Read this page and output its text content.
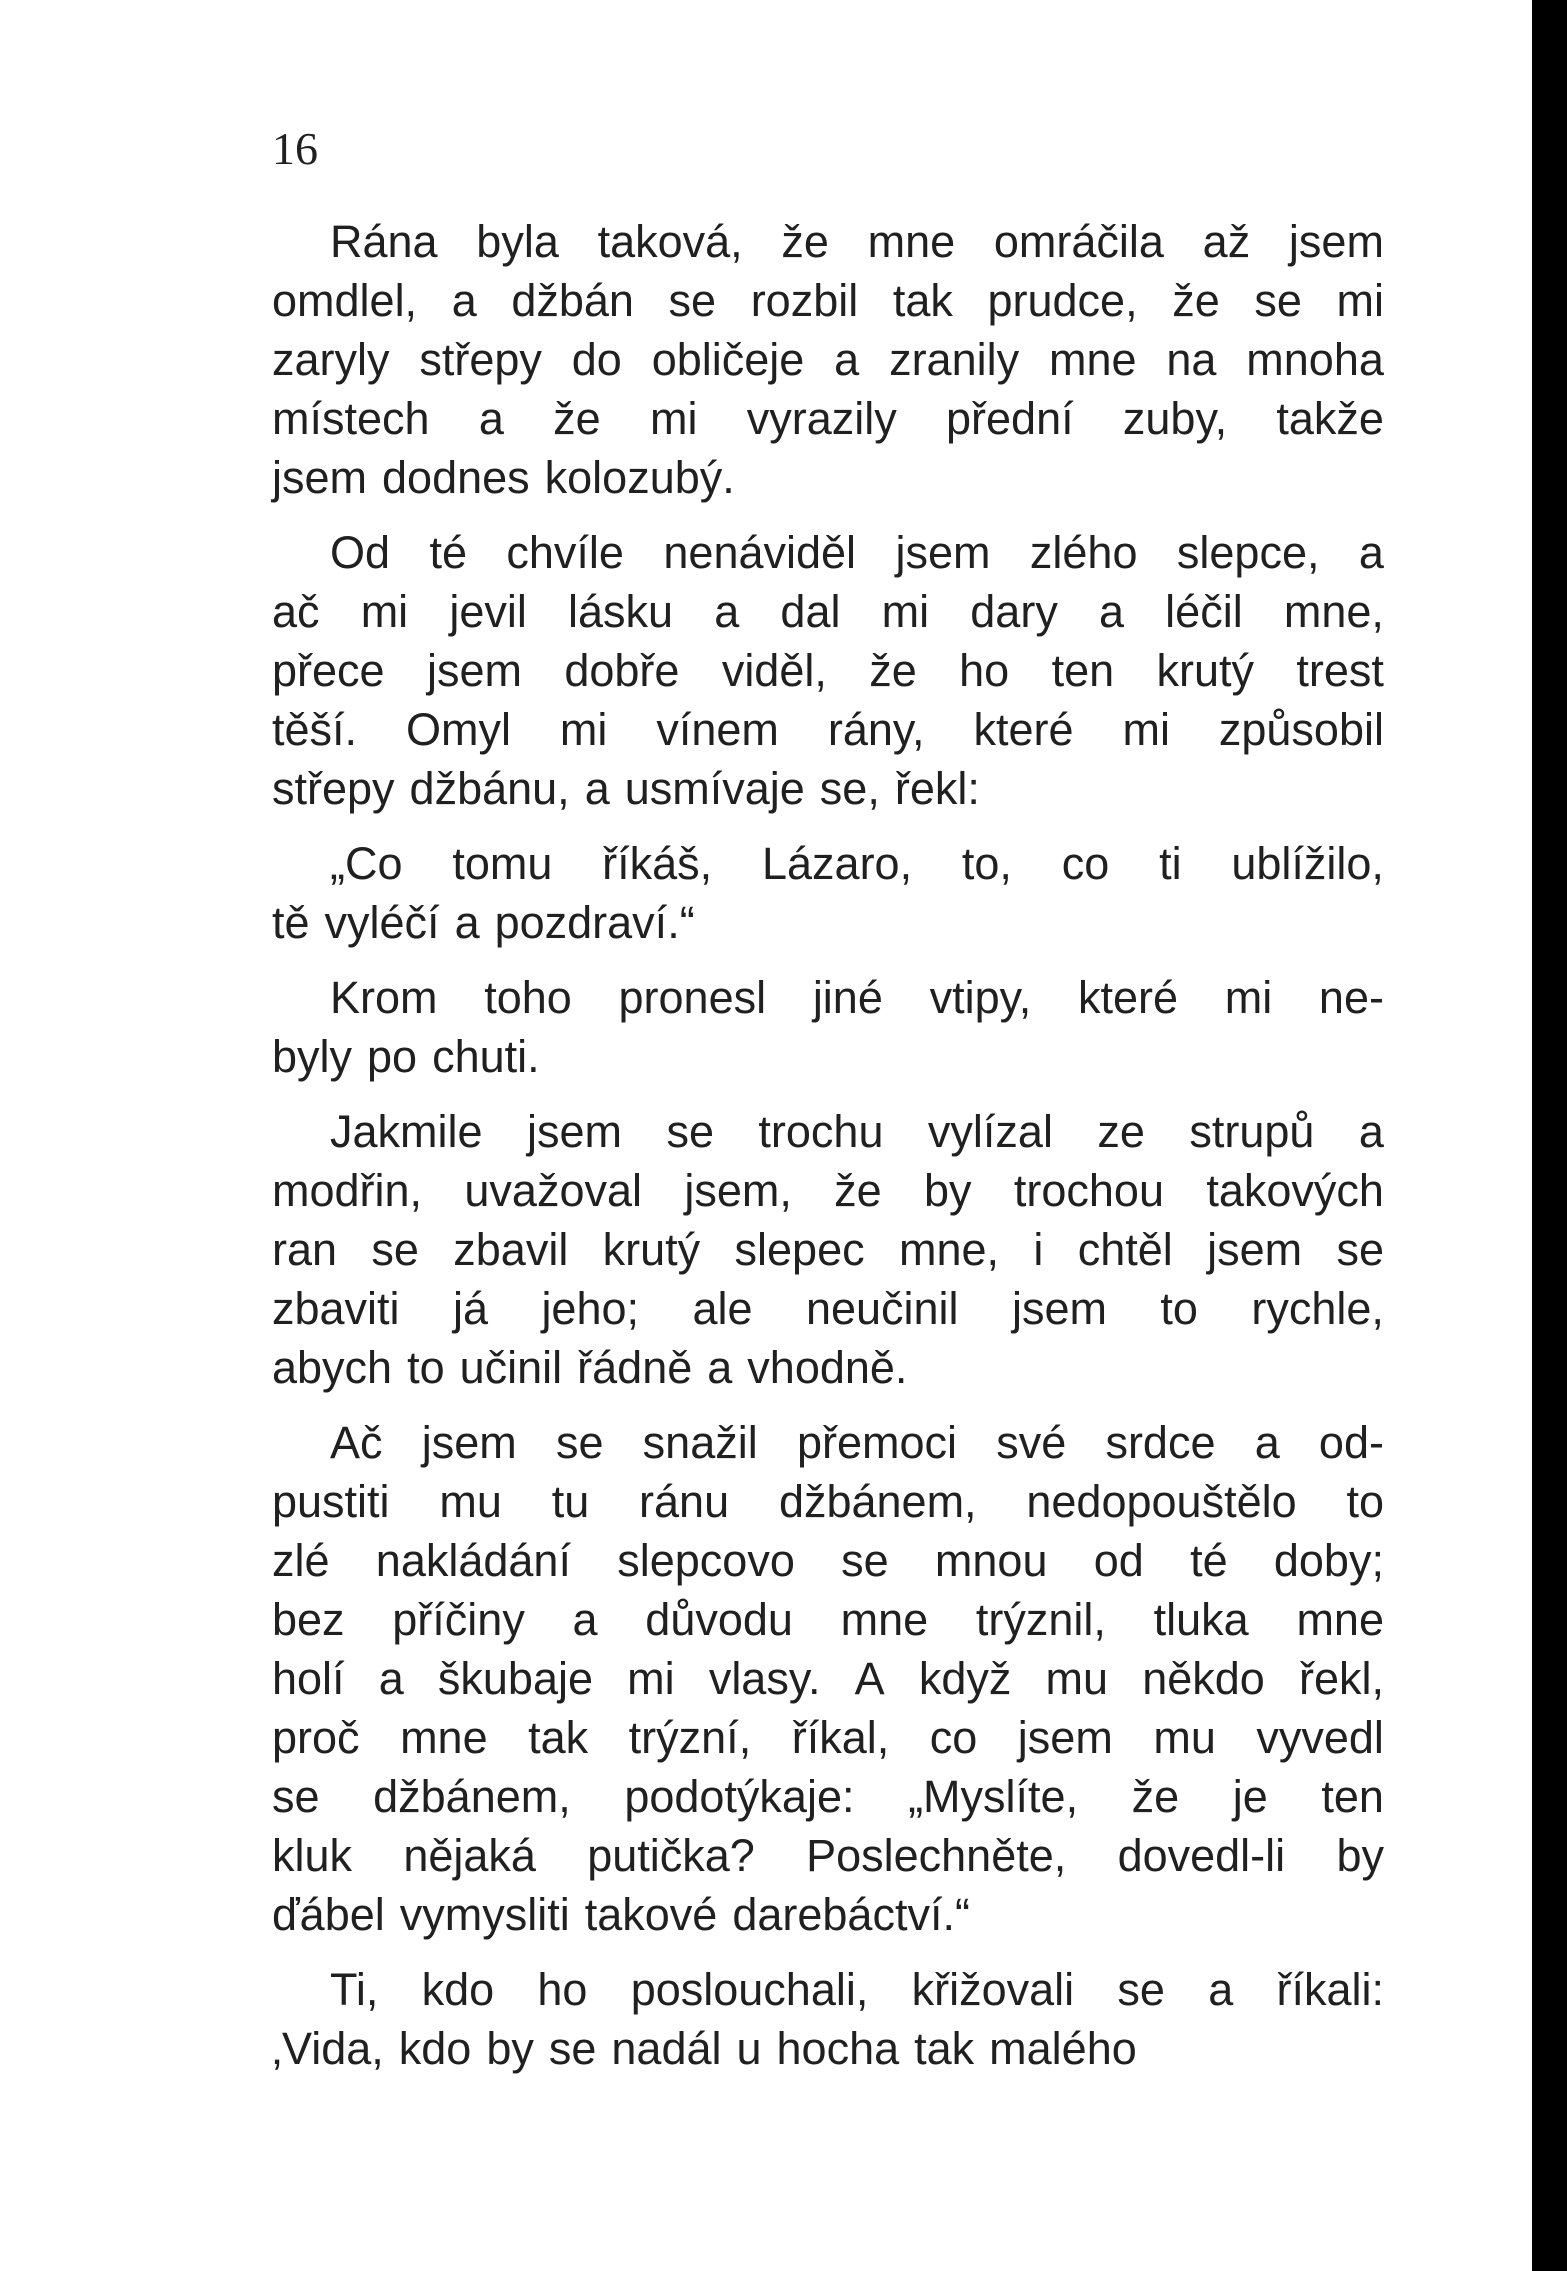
16
Rána byla taková, že mne omráčila až jsem
omdlel, a džbán se rozbil tak prudce, že se mi
zaryly střepy do obličeje a zranily mne na mnoha
místech a že mi vyrazily přední zuby, takže
jsem dodnes kolozubý.
Od té chvíle nenáviděl jsem zlého slepce, a
ač mi jevil lásku a dal mi dary a léčil mne,
přece jsem dobře viděl, že ho ten krutý trest
těší. Omyl mi vínem rány, které mi způsobil
střepy džbánu, a usmívaje se, řekl:
„Co tomu říkáš, Lázaro, to, co ti ublížilo,
tě vyléčí a pozdraví.“
Krom toho pronesl jiné vtipy, které mi ne-
byly po chuti.
Jakmile jsem se trochu vylízal ze strupů a
modřin, uvažoval jsem, že by trochou takových
ran se zbavil krutý slepec mne, i chtěl jsem se
zbaviti já jeho; ale neučinil jsem to rychle,
abych to učinil řádně a vhodně.
Ač jsem se snažil přemoci své srdce a od-
pustiti mu tu ránu džbánem, nedopouštělo to
zlé nakládání slepcovo se mnou od té doby;
bez příčiny a důvodu mne trýznil, tluka mne
holí a škubaje mi vlasy. A když mu někdo řekl,
proč mne tak trýzní, říkal, co jsem mu vyvedl
se džbánem, podotýkaje: „Myslíte, že je ten
kluk nějaká putička? Poslechněte, dovedl-li by
ďábel vymysliti takové darebáctví.“
Ti, kdo ho poslouchali, křižovali se a říkali:
‚Vida, kdo by se nadál u hocha tak malého
